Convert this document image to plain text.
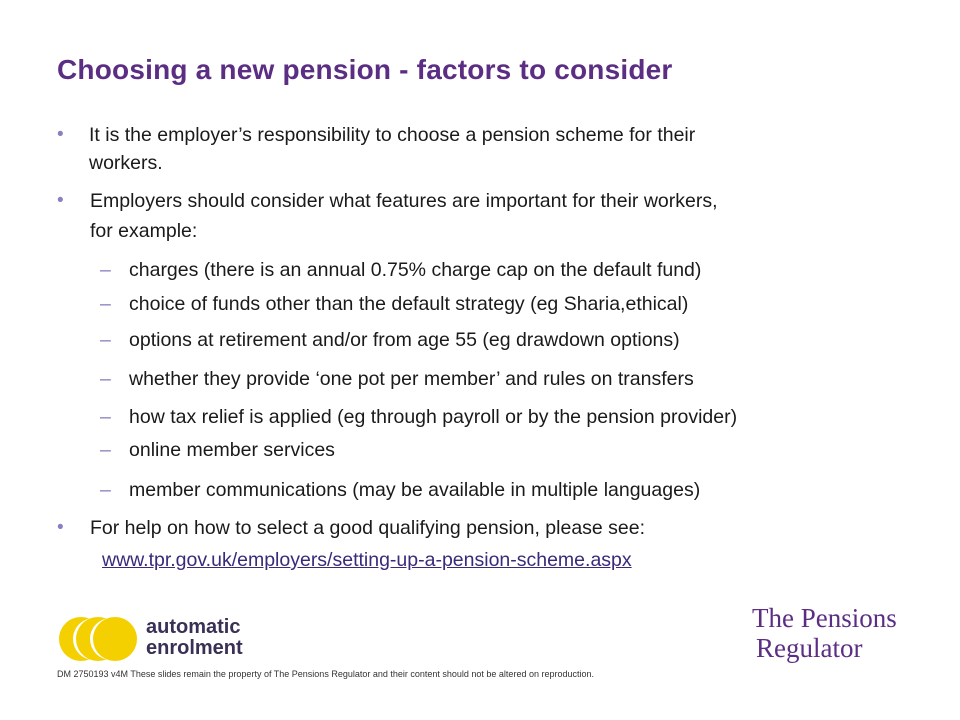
Choosing a new pension - factors to consider
• It is the employer’s responsibility to choose a pension scheme for their
workers.
• Employers should consider what features are important for their workers,
for example:
– charges (there is an annual 0.75% charge cap on the default fund)
– choice of funds other than the default strategy (eg Sharia,ethical)
– options at retirement and/or from age 55 (eg drawdown options)
– whether they provide ‘one pot per member’ and rules on transfers
– how tax relief is applied (eg through payroll or by the pension provider)
– online member services
– member communications (may be available in multiple languages)
• For help on how to select a good qualifying pension, please see:
www.tpr.gov.uk/employers/setting-up-a-pension-scheme.aspx
automatic
enrolment
The Pensions
Regulator
DM 2750193 v4M These slides remain the property of The Pensions Regulator and their content should not be altered on reproduction.
